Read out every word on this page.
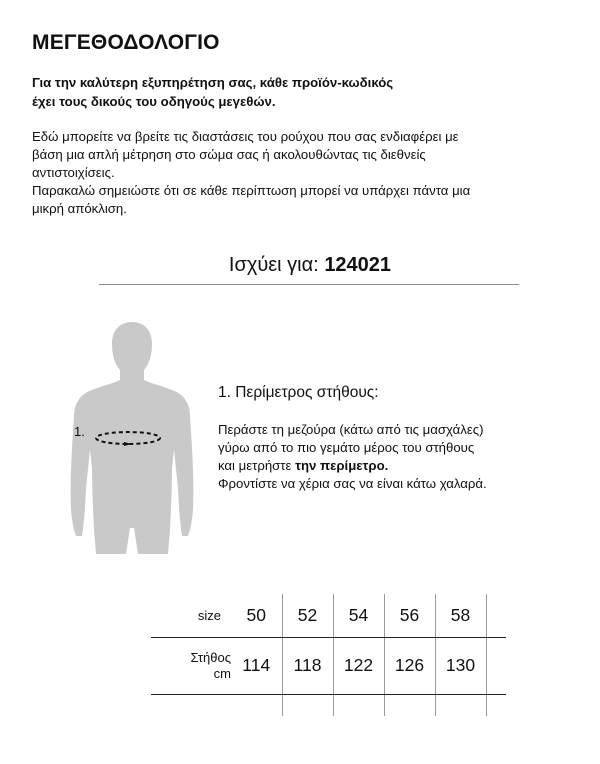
ΜΕΓΕΘΟΔΟΛΟΓΙΟ
Για την καλύτερη εξυπηρέτηση σας, κάθε προϊόν-κωδικός
έχει τους δικούς του οδηγούς μεγεθών.
Εδώ μπορείτε να βρείτε τις διαστάσεις του ρούχου που σας ενδιαφέρει με
βάση μια απλή μέτρηση στο σώμα σας ή ακολουθώντας τις διεθνείς
αντιστοιχίσεις.
Παρακαλώ σημειώστε ότι σε κάθε περίπτωση μπορεί να υπάρχει πάντα μια
μικρή απόκλιση.
Ισχύει για: 124021
1.
1. Περίμετρος στήθους:
Περάστε τη μεζούρα (κάτω από τις μασχάλες)
γύρω από το πιο γεμάτο μέρος του στήθους
και μετρήστε την περίμετρο.
Φροντίστε να χέρια σας να είναι κάτω χαλαρά.
size	50	52	54	56	58	

Στήθος
cm	114	118	122	126	130	
